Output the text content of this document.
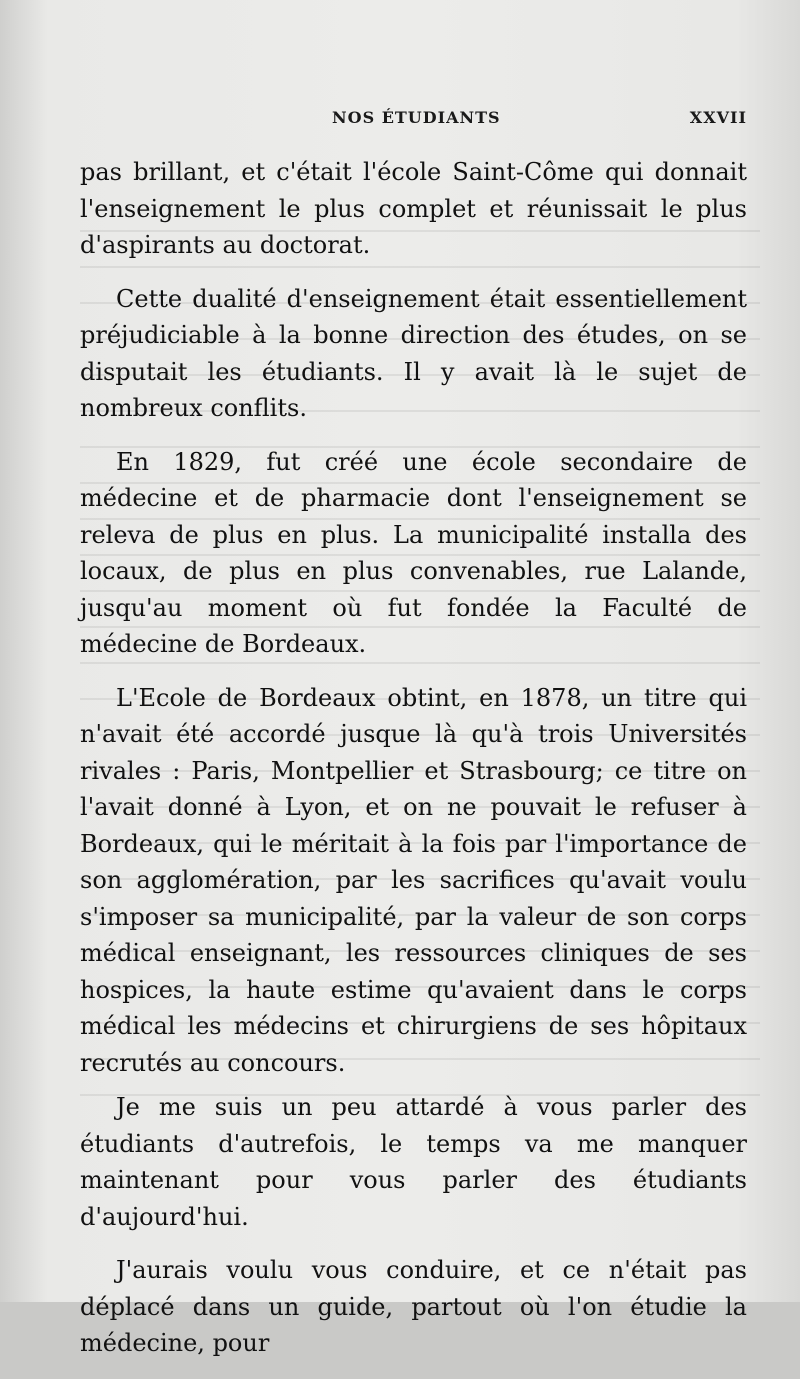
NOS ÉTUDIANTS	XXVII

pas brillant, et c'était l'école Saint-Côme qui donnait l'enseignement le plus complet et réunissait le plus d'aspirants au doctorat.

Cette dualité d'enseignement était essentiellement préjudiciable à la bonne direction des études, on se disputait les étudiants. Il y avait là le sujet de nombreux conflits.

En 1829, fut créé une école secondaire de médecine et de pharmacie dont l'enseignement se releva de plus en plus. La municipalité installa des locaux, de plus en plus convenables, rue Lalande, jusqu'au moment où fut fondée la Faculté de médecine de Bordeaux.

L'Ecole de Bordeaux obtint, en 1878, un titre qui n'avait été accordé jusque là qu'à trois Universités rivales : Paris, Montpellier et Strasbourg; ce titre on l'avait donné à Lyon, et on ne pouvait le refuser à Bordeaux, qui le méritait à la fois par l'importance de son agglomération, par les sacrifices qu'avait voulu s'imposer sa municipalité, par la valeur de son corps médical enseignant, les ressources cliniques de ses hospices, la haute estime qu'avaient dans le corps médical les médecins et chirurgiens de ses hôpitaux recrutés au concours.

Je me suis un peu attardé à vous parler des étudiants d'autrefois, le temps va me manquer maintenant pour vous parler des étudiants d'aujourd'hui.

J'aurais voulu vous conduire, et ce n'était pas déplacé dans un guide, partout où l'on étudie la médecine, pour
